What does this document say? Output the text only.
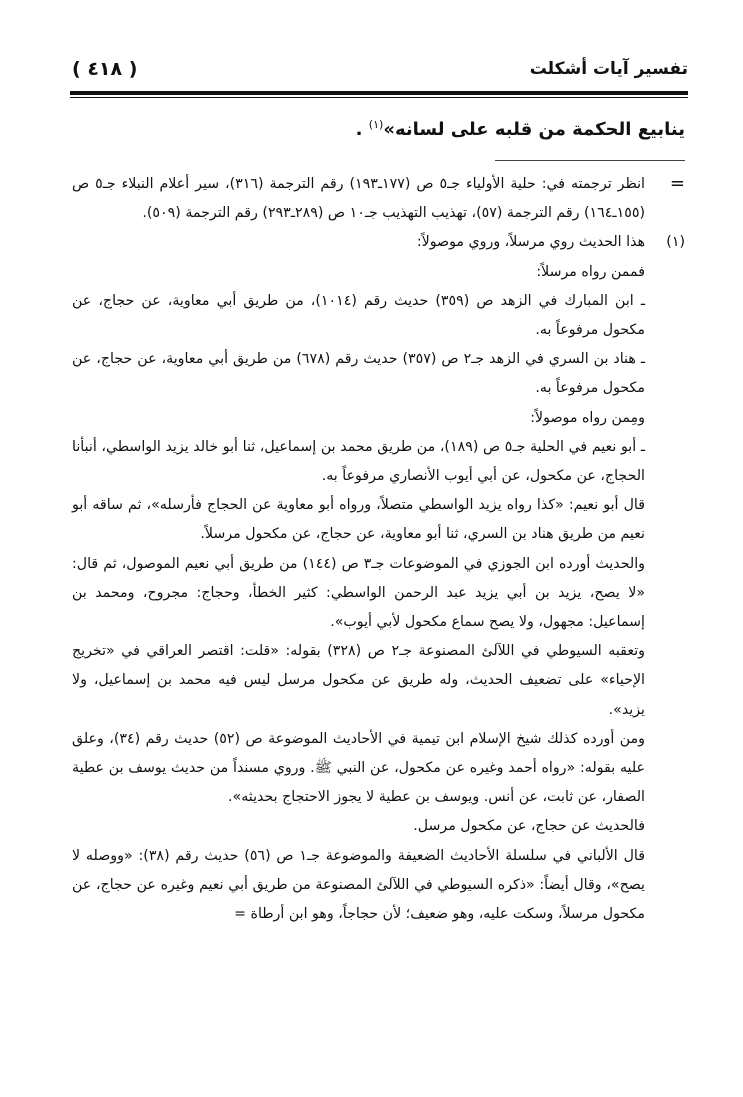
تفسير آيات أشكلت
( ٤١٨ )
ينابيع الحكمة من قلبه على لسانه»$^{(١)}$ .
=

انظر ترجمته في: حلية الأولياء جـ٥ ص (١٧٧ـ١٩٣) رقم الترجمة (٣١٦)، سير أعلام النبلاء جـ٥ ص (١٥٥ـ١٦٤) رقم الترجمة (٥٧)، تهذيب التهذيب جـ١٠ ص (٢٨٩ـ٢٩٣) رقم الترجمة (٥٠٩).

(١)

هذا الحديث روي مرسلاً، وروي موصولاً:

فممن رواه مرسلاً:

ـ ابن المبارك في الزهد ص (٣٥٩) حديث رقم (١٠١٤)، من طريق أبي معاوية، عن حجاج، عن مكحول مرفوعاً به.

ـ هناد بن السري في الزهد جـ٢ ص (٣٥٧) حديث رقم (٦٧٨) من طريق أبي معاوية، عن حجاج، عن مكحول مرفوعاً به.

ومِمن رواه موصولاً:

ـ أبو نعيم في الحلية جـ٥ ص (١٨٩)، من طريق محمد بن إسماعيل، ثنا أبو خالد يزيد الواسطي، أنبأنا الحجاج، عن مكحول، عن أبي أيوب الأنصاري مرفوعاً به.

قال أبو نعيم: «كذا رواه يزيد الواسطي متصلاً، ورواه أبو معاوية عن الحجاج فأرسله»، ثم ساقه أبو نعيم من طريق هناد بن السري، ثنا أبو معاوية، عن حجاج، عن مكحول مرسلاً.

والحديث أورده ابن الجوزي في الموضوعات جـ٣ ص (١٤٤) من طريق أبي نعيم الموصول، ثم قال: «لا يصح، يزيد بن أبي يزيد عبد الرحمن الواسطي: كثير الخطأ، وحجاج: مجروح، ومحمد بن إسماعيل: مجهول، ولا يصح سماع مكحول لأبي أيوب».

وتعقبه السيوطي في اللآلئ المصنوعة جـ٢ ص (٣٢٨) بقوله: «قلت: اقتصر العراقي في «تخريج الإحياء» على تضعيف الحديث، وله طريق عن مكحول مرسل ليس فيه محمد بن إسماعيل، ولا يزيد».

ومن أورده كذلك شيخ الإسلام ابن تيمية في الأحاديث الموضوعة ص (٥٢) حديث رقم (٣٤)، وعلق عليه بقوله: «رواه أحمد وغيره عن مكحول، عن النبي ﷺ. وروي مسنداً من حديث يوسف بن عطية الصفار، عن ثابت، عن أنس. ويوسف بن عطية لا يجوز الاحتجاج بحديثه».

فالحديث عن حجاج، عن مكحول مرسل.

قال الألباني في سلسلة الأحاديث الضعيفة والموضوعة جـ١ ص (٥٦) حديث رقم (٣٨): «ووصله لا يصح»، وقال أيضاً: «ذكره السيوطي في اللآلئ المصنوعة من طريق أبي نعيم وغيره عن حجاج، عن مكحول مرسلاً، وسكت عليه، وهو ضعيف؛ لأن حجاجاً، وهو ابن أرطاة =
